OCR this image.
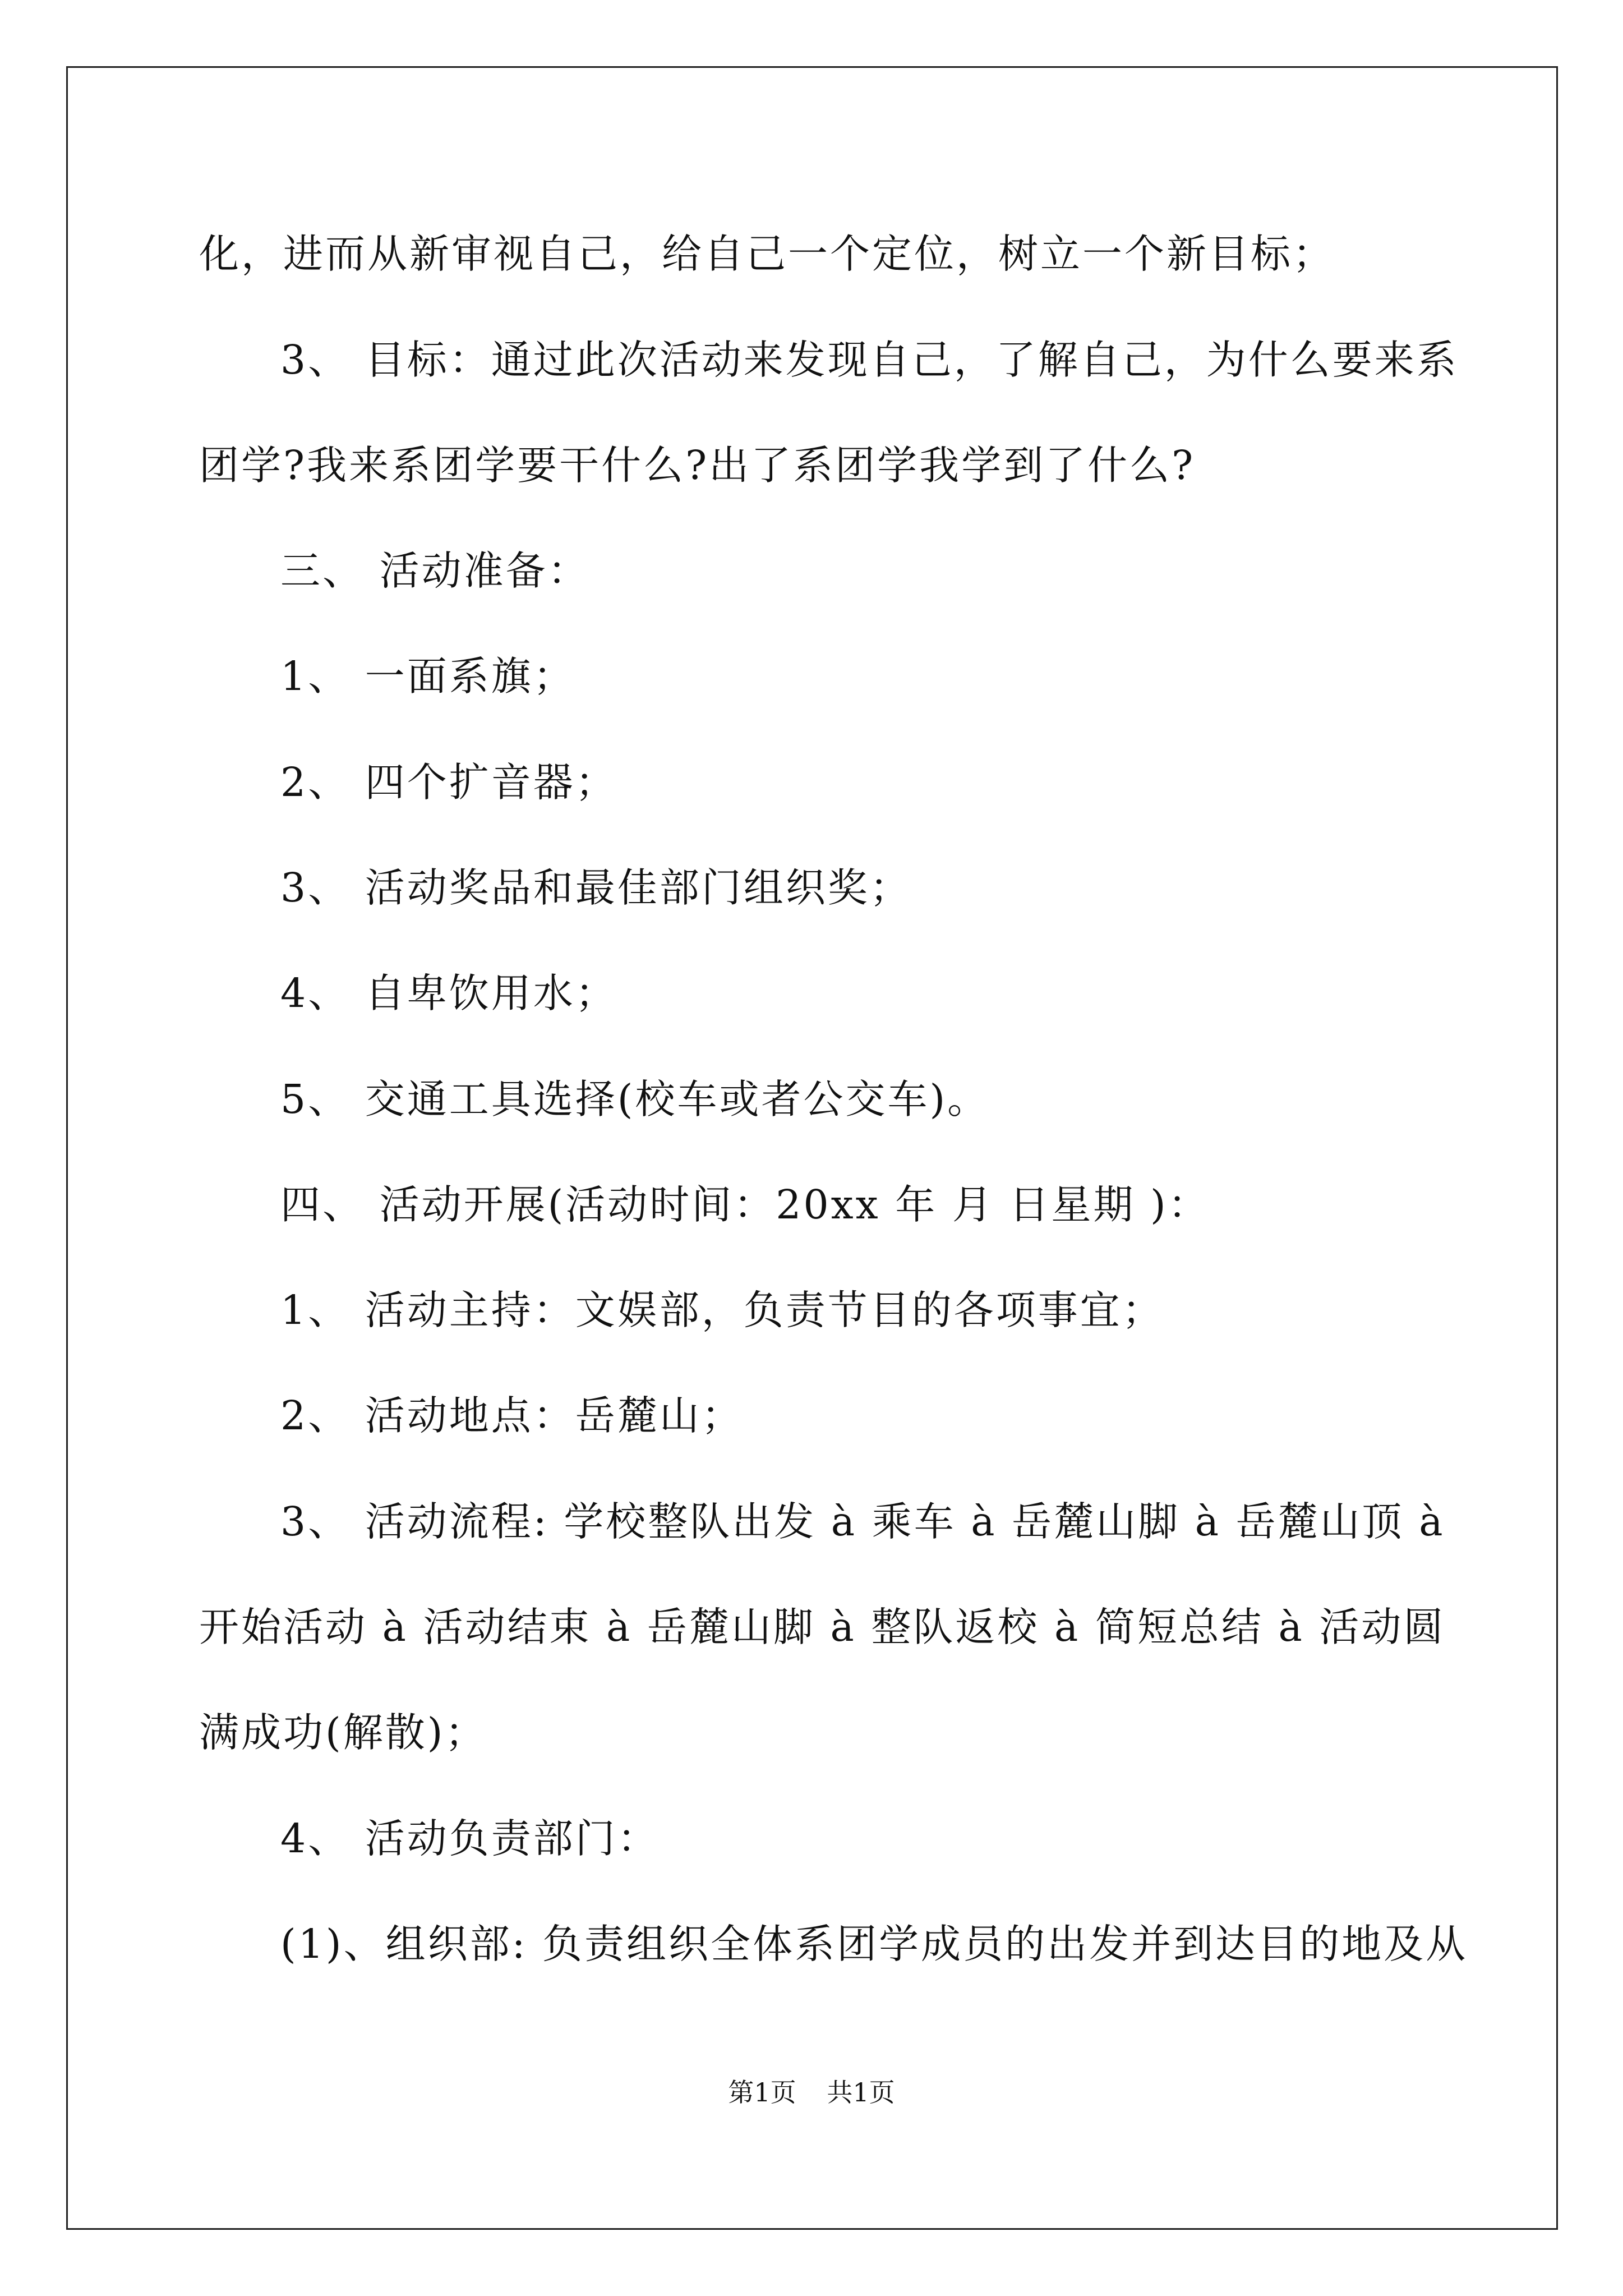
化，进而从新审视自己，给自己一个定位，树立一个新目标；
3、 目标：通过此次活动来发现自己，了解自己，为什么要来系
团学?我来系团学要干什么?出了系团学我学到了什么?
三、 活动准备：
1、 一面系旗；
2、 四个扩音器；
3、 活动奖品和最佳部门组织奖；
4、 自卑饮用水；
5、 交通工具选择(校车或者公交车)。
四、 活动开展(活动时间：20xx 年 月 日星期 )：
1、 活动主持：文娱部，负责节目的各项事宜；
2、 活动地点：岳麓山；
3、 活动流程: 学校整队出发 à 乘车 à 岳麓山脚 à 岳麓山顶 à
开始活动 à 活动结束 à 岳麓山脚 à 整队返校 à 简短总结 à 活动圆
满成功(解散)；
4、 活动负责部门：
(1)、组织部: 负责组织全体系团学成员的出发并到达目的地及从
第1页 共1页
